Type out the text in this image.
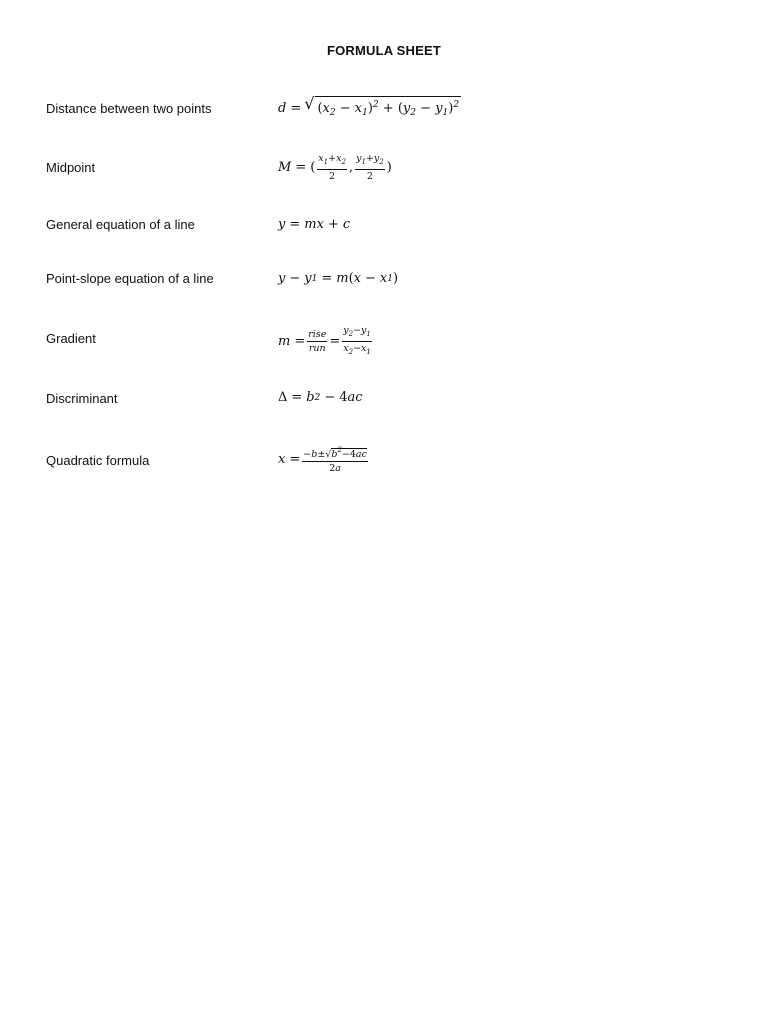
FORMULA SHEET
Distance between two points	d = √ $(x_2 - x_1)^2 + (y_2 - y_1)^2$
Midpoint	M = ( $\frac{x_1+x_2}{2}$ , $\frac{y_1+y_2}{2}$ )
General equation of a line	y = mx + c
Point-slope equation of a line	y − y 1 = m ( x − x 1 )
Gradient	$m = \frac{\text{rise}}{\text{run}} = \frac{y_2-y_1}{x_2-x_1}$
Discriminant	Δ = b 2 − 4 ac
Quadratic formula	$x = \frac{-b\pm√b^2-4ac}{2a}$
